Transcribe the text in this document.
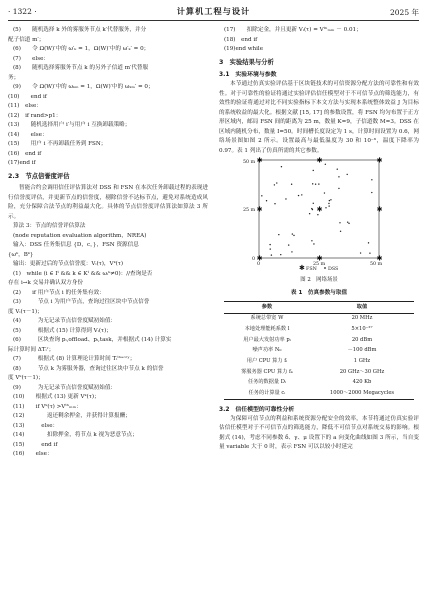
· 1322 ·	计算机工程与设计	2025 年
(5)　　随机选择 k 外的雾服务节点 k′代替服务，并分
配子信道 m′；
(6)　　令 Ω(W)′中的 ω′ₖ = 1，Ω(W)′中的 ω′ₖ′ = 0；
(7)　　else：
(8)　　随机选择雾服务节点 k 的另外子信道 m′代替服
务；
(9)　　令 Ω(W)′中的 ωₖₘ = 1，Ω(W)′中的 ωₖₘ′ = 0；
(10)　　end if
(11)　else：
(12)　if rand>p1：
(13)　　随机选择用户 i′与用户 i 互换卸载策略；
(14)　　else：
(15)　　用户 i 不再卸载任务到 FSN；
(16)　end if
(17)end if
2.3　节点信誉度评估
智能合约会调用信任评估算法对 DSS 和 FSN 在本次任务卸载过程的表现进行信誉度评估，并更新节点的信誉度，剔除信誉不达标节点，避免对系统造成风险，充分保障合法节点的利益最大化。具体的节点信誉度评估算法如算法 3 所示。
算法 3：节点的信誉评估算法
(node reputation evaluation algorithm，NREA)
输入：DSS 任务集信息 {D，c，}，FSN 资源信息
{ωᵏ，Bᵏ}
输出：更新过后的节点信誉度：Vᵢ(τ)，Vᵏ(τ)
(1)　while (i ∈ Iᵗ && k ∈ Kᵗ && ωᵢᵏ≠0)：//查询是否
存在 i→k 交易并确认双方身份
(2)　　if 用户节点 i 的任务集有效：
(3)　　　节点 i 为用户节点，查询过往区块中节点信誉
度 Vᵢ(τ－1)；
(4)　　　为无记录节点信誉度赋初始值：
(5)　　　根据式 (15) 计算得到 Vᵢ(τ)；
(6)　　　区块查询 pᵢ,offload、pᵢ,task，并根据式 (14) 计算实
际计算时间 ΔTᵢʳ；
(7)　　　根据式 (8) 计算理论计算时间 Tᵢᵗʰᵉᵒʳʸ；
(8)　　　节点 k 为雾服务器，查询过往区块中节点 k 的信誉
度 Vᵏ(τ－1)；
(9)　　　为无记录节点信誉度赋初始值：
(10)　　根据式 (13) 更新 Vᵏ(τ)；
(11)　　if Vᵏ(τ) >Vᵗʰₘᵢₙ：
(12)　　　　返还剩余押金，并获得计算报酬；
(13)　　　else：
(14)　　　　扣除押金，将节点 k 视为恶意节点；
(15)　　　end if
(16)　　else：
(17)　　扣除定金，并且更新 Vᵢ(τ) = Vᵗʰₘᵢₙ － 0.01；
(18)　end if
(19)end while
3　实验结果与分析
3.1　实验环境与参数
本节通过仿真实验评估基于区块链技术的可信资源分配方法的可靠性和有效性。对于可靠性的验证将通过实验评估信任模型对于不可信节点的筛选能力，有效性的验证将通过对比不同实验指标下本文方法与实现本系统整体效益 J 为目标的系统收益的最大化。根据文献 [15, 17] 的参数设置，将 FSN 均匀布置于正方形区域内，邮局 FSN 间的距离为 25 m，数量 K=9，子信道数 M=3。DSS 在区域内随机分布，数量 I=50。时间槽长度设定为 1 s，计算时间设置为 0.6，网络场景图如图 2 所示。设置最高与最低温度为 30 和 10⁻⁶，温度下降率为 0.97。表 1 列出了仿真所需的其它参数。
✱	✱	✱
✱	✱	✱
✱	✱	✱
50 m
25 m
0
0	25 m	50 m
✱ FSN DSS
图 2　网络场景
表 1　仿真参数与取值
参数	取值
系统总带宽 W	20 MHz
本地处理能耗系数 l	5×10⁻²⁷
用户最大发射功率 pᵢ	20 dBm
噪声功率 N₀	－100 dBm
用户 CPU 算力 fᵢ	1 GHz
雾服务器 CPU 算力 fₖ	20 GHz～30 GHz
任务的数据量 Dᵢ	420 Kb
任务的计算量 cᵢ	1000～2000 Megacycles
3.2　信任模型的可靠性分析
为保障可信节点的利益和系统资源分配安全的效率，本节将通过仿真实验评估信任模型对于不可信节点的筛选能力，降低不可信节点对系统交易的影响。根据式 (14)，考虑不同参数 δ、γ、μ 设置下的 a 向变化曲线如图 3 所示，当自变量 variable 大于 0 时，表示 FSN 可以以较小时延完
